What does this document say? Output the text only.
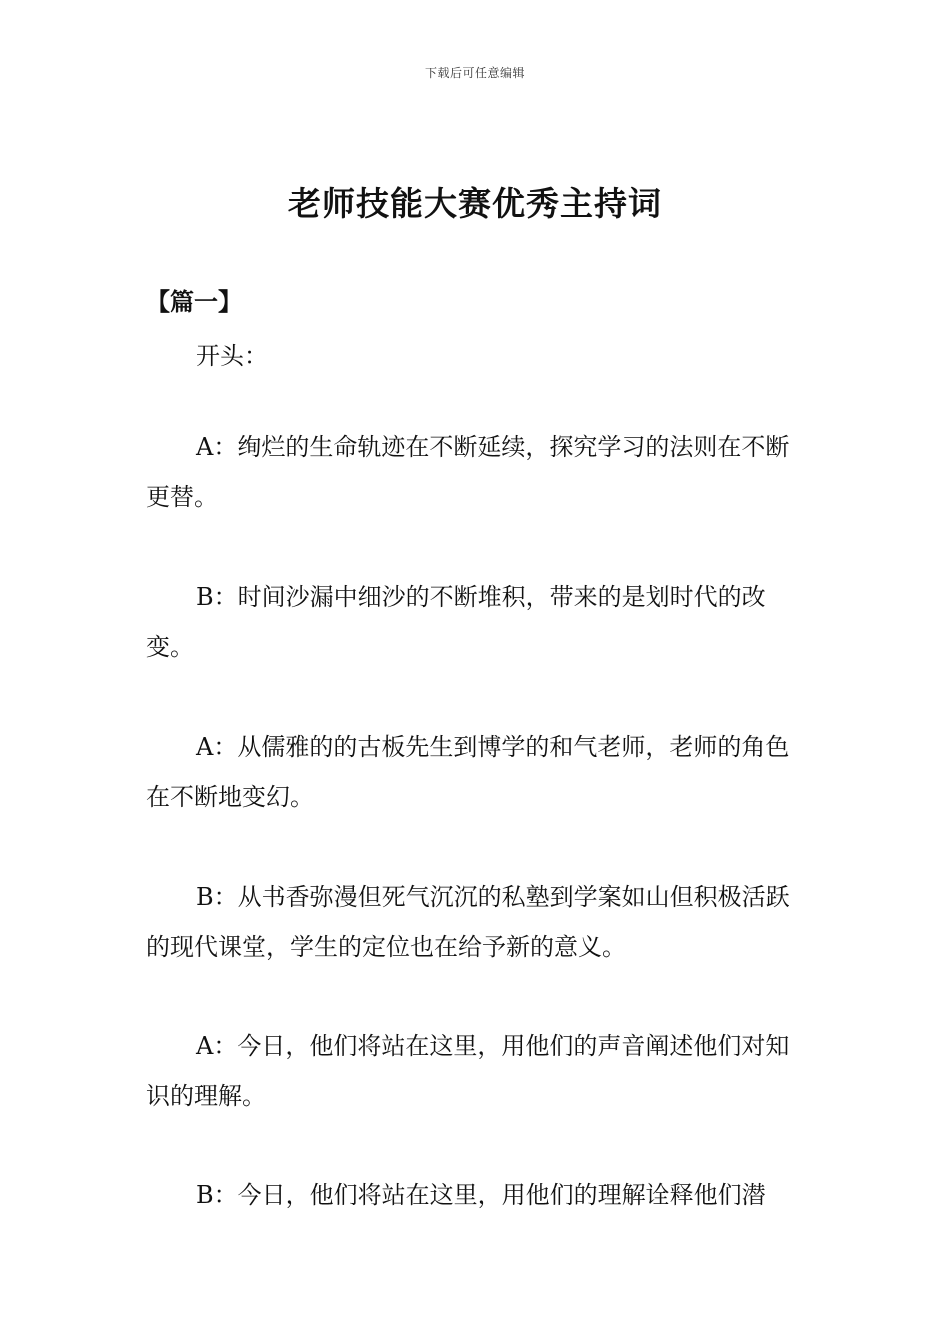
下载后可任意编辑
老师技能大赛优秀主持词
【篇一】
开头：

A：绚烂的生命轨迹在不断延续，探究学习的法则在不断更替。

B：时间沙漏中细沙的不断堆积，带来的是划时代的改变。

A：从儒雅的的古板先生到博学的和气老师，老师的角色在不断地变幻。

B：从书香弥漫但死气沉沉的私塾到学案如山但积极活跃的现代课堂，学生的定位也在给予新的意义。

A：今日，他们将站在这里，用他们的声音阐述他们对知识的理解。

B：今日，他们将站在这里，用他们的理解诠释他们潜
